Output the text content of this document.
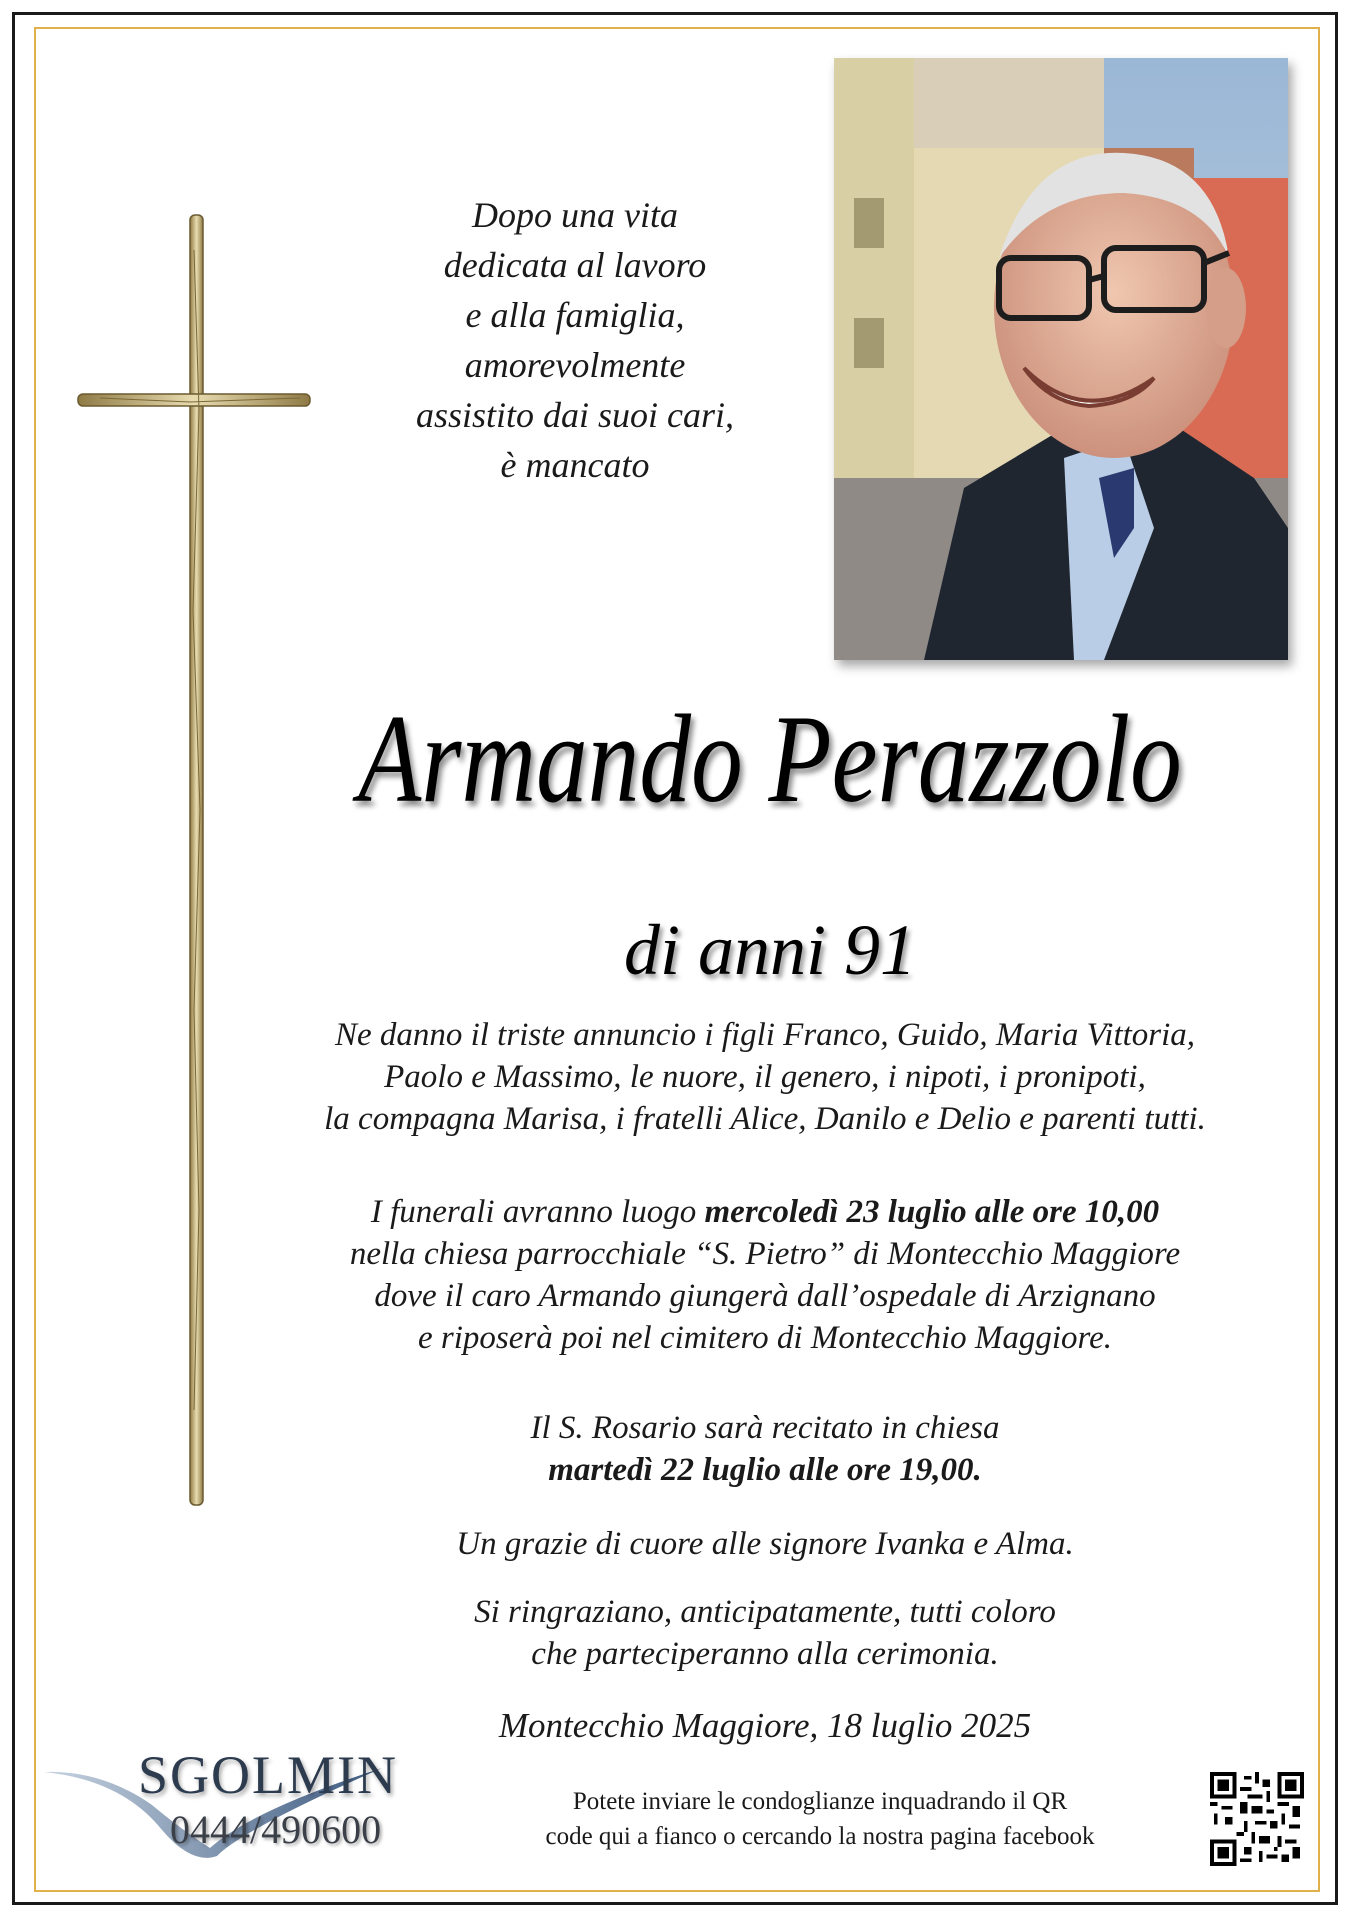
Dopo una vita
dedicata al lavoro
e alla famiglia,
amorevolmente
assistito dai suoi cari,
è mancato
Armando Perazzolo
di anni 91
Ne danno il triste annuncio i figli Franco, Guido, Maria Vittoria,
Paolo e Massimo, le nuore, il genero, i nipoti, i pronipoti,
la compagna Marisa, i fratelli Alice, Danilo e Delio e parenti tutti.
I funerali avranno luogo mercoledì 23 luglio alle ore 10,00
nella chiesa parrocchiale “S. Pietro” di Montecchio Maggiore
dove il caro Armando giungerà dall’ospedale di Arzignano
e riposerà poi nel cimitero di Montecchio Maggiore.
Il S. Rosario sarà recitato in chiesa
martedì 22 luglio alle ore 19,00.
Un grazie di cuore alle signore Ivanka e Alma.
Si ringraziano, anticipatamente, tutti coloro
che parteciperanno alla cerimonia.
Montecchio Maggiore, 18 luglio 2025
SGOLMIN
0444/490600
Potete inviare le condoglianze inquadrando il QR
code qui a fianco o cercando la nostra pagina facebook
